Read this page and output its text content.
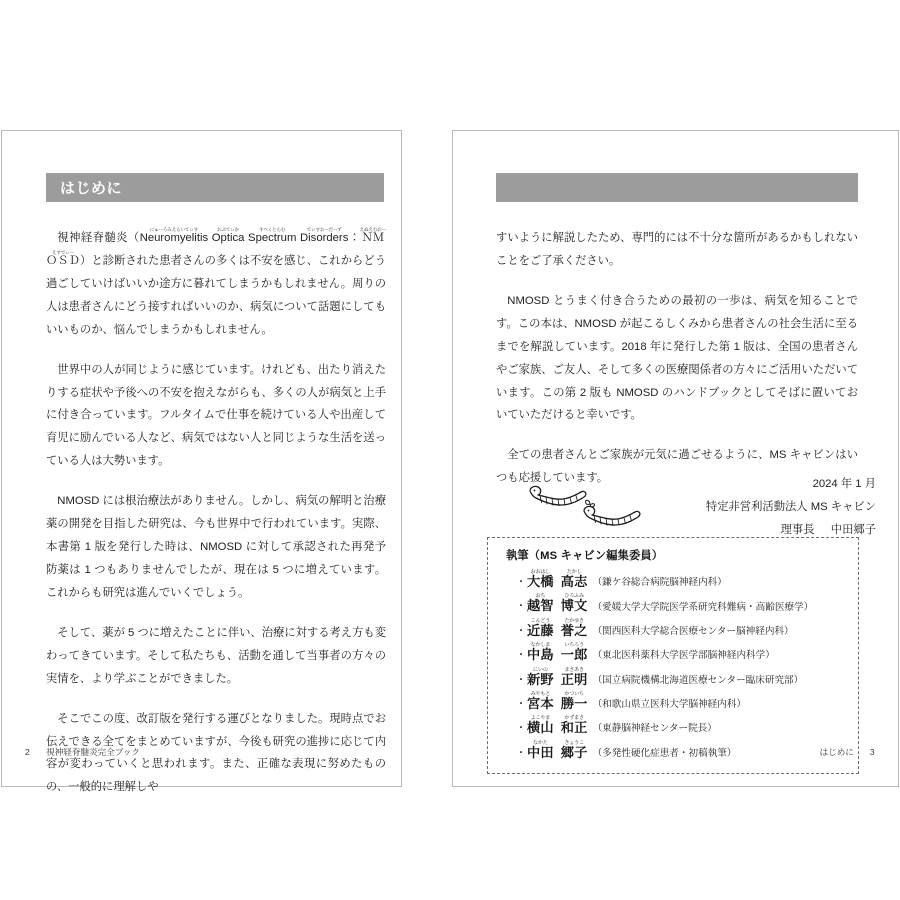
はじめに

視神経脊髄炎（Neuromyelitisにゅーろみえらいてぃす Opticaおぷてぃか Spectrumすぺくとらむ Disordersでぃすおーだーず：ＮＭＯＳＤえぬえむおーえすでぃー）と診断された患者さんの多くは不安を感じ、これからどう過ごしていけばいいか途方に暮れてしまうかもしれません。周りの人は患者さんにどう接すればいいのか、病気について話題にしてもいいものか、悩んでしまうかもしれません。

世界中の人が同じように感じています。けれども、出たり消えたりする症状や予後への不安を抱えながらも、多くの人が病気と上手に付き合っています。フルタイムで仕事を続けている人や出産して育児に励んでいる人など、病気ではない人と同じような生活を送っている人は大勢います。

NMOSD には根治療法がありません。しかし、病気の解明と治療薬の開発を目指した研究は、今も世界中で行われています。実際、本書第 1 版を発行した時は、NMOSD に対して承認された再発予防薬は 1 つもありませんでしたが、現在は 5 つに増えています。これからも研究は進んでいくでしょう。

そして、薬が 5 つに増えたことに伴い、治療に対する考え方も変わってきています。そして私たちも、活動を通して当事者の方々の実情を、より学ぶことができました。

そこでこの度、改訂版を発行する運びとなりました。現時点でお伝えできる全てをまとめていますが、今後も研究の進捗に応じて内容が変わっていくと思われます。また、正確な表現に努めたものの、一般的に理解しや

2 視神経脊髄炎完全ブック

すいように解説したため、専門的には不十分な箇所があるかもしれないことをご了承ください。

NMOSD とうまく付き合うための最初の一歩は、病気を知ることです。この本は、NMOSD が起こるしくみから患者さんの社会生活に至るまでを解説しています。2018 年に発行した第 1 版は、全国の患者さんやご家族、ご友人、そして多くの医療関係者の方々にご活用いただいています。この第 2 版も NMOSD のハンドブックとしてそばに置いておいていただけると幸いです。

全ての患者さんとご家族が元気に過ごせるように、MS キャビンはいつも応援しています。	2024 年 1 月
特定非営利活動法人 MS キャビン
理事長 中田郷子
執筆（MS キャビン編集委員）
・ 大橋おおはし
高志たかし
（鎌ケ谷総合病院脳神経内科）
・ 越智おち
博文ひろふみ
（愛媛大学大学院医学系研究科難病・高齢医療学）
・ 近藤こんどう
誉之たかゆき
（関西医科大学総合医療センター脳神経内科）
・ 中島なかしま
一郎いちろう
（東北医科薬科大学医学部脳神経内科学）
・ 新野にいの
正明まさあき
（国立病院機構北海道医療センター臨床研究部）
・ 宮本みやもと
勝一かついち
（和歌山県立医科大学脳神経内科）
・ 横山よこやま
和正かずまさ
（東静脳神経センター院長）
・ 中田なかた
郷子きょうこ
（多発性硬化症患者・初稿執筆）	はじめに 3
